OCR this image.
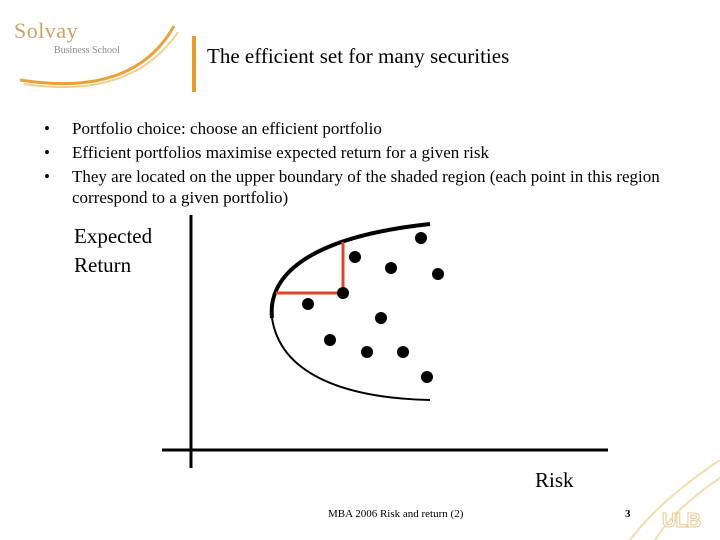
Solvay
Business School	The efficient set for many securities
• Portfolio choice: choose an efficient portfolio
• Efficient portfolios maximise expected return for a given risk
• They are located on the upper boundary of the shaded region (each point in this region correspond to a given portfolio)
Expected
Return
Risk
MBA 2006 Risk and return (2)	3 ULB
